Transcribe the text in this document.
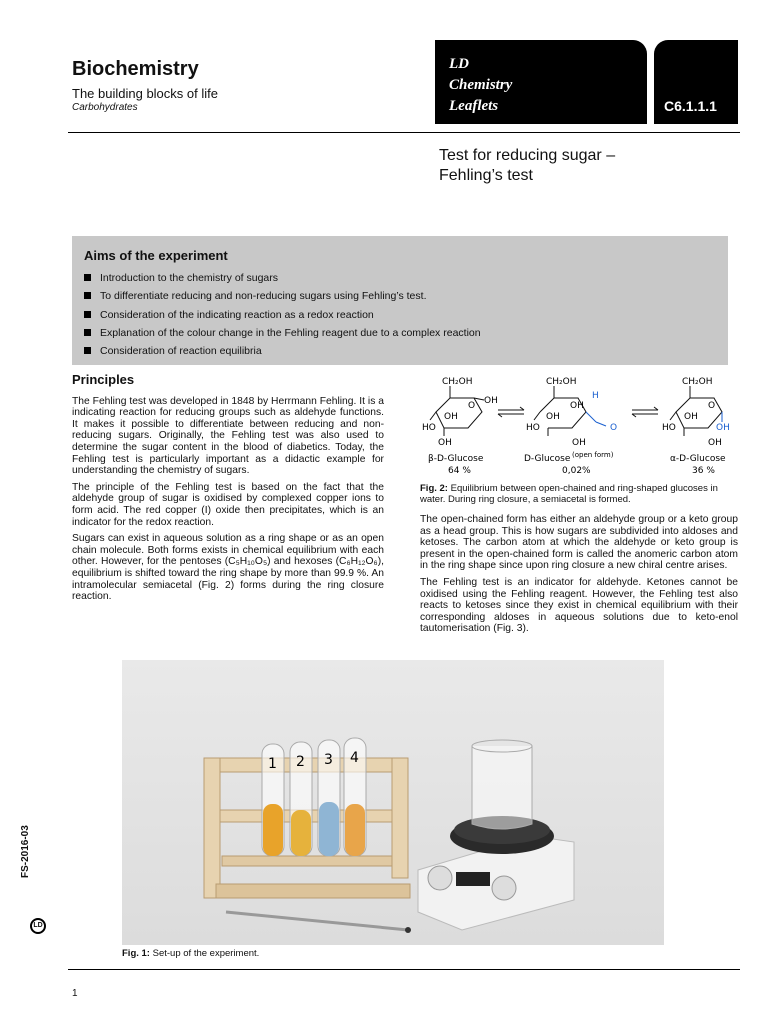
Biochemistry
The building blocks of life
Carbohydrates
LD
Chemistry
Leaflets	C6.1.1.1
Test for reducing sugar –
Fehling’s test
Aims of the experiment
Introduction to the chemistry of sugars
To differentiate reducing and non-reducing sugars using Fehling’s test.
Consideration of the indicating reaction as a redox reaction
Explanation of the colour change in the Fehling reagent due to a complex reaction
Consideration of reaction equilibria
Principles

The Fehling test was developed in 1848 by Herrmann Fehling. It is a indicating reaction for reducing groups such as aldehyde functions. It makes it possible to differentiate between reducing and non-reducing sugars. Originally, the Fehling test was also used to determine the sugar content in the blood of diabetics. Today, the Fehling test is particularly important as a didactic example for understanding the chemistry of sugars.

The principle of the Fehling test is based on the fact that the aldehyde group of sugar is oxidised by complexed copper ions to form acid. The red copper (I) oxide then precipitates, which is an indicator for the redox reaction.

Sugars can exist in aqueous solution as a ring shape or as an open chain molecule. Both forms exists in chemical equilibrium with each other. However, for the pentoses (C₅H₁₀O₅) and hexoses (C₆H₁₂O₆), equilibrium is shifted toward the ring shape by more than 99.9 %. An intramolecular semiacetal (Fig. 2) forms during the ring closure reaction.

CH₂OH
O OH
OH
HO
OH
β-D-Glucose
64 %
CH₂OH
OH
H
OH
HO	O
OH
D-Glucose (open form)
0,02%
CH₂OH
O
OH
HO	OH
OH
α-D-Glucose
36 %
Fig. 2: Equilibrium between open-chained and ring-shaped glucoses in water. During ring closure, a semiacetal is formed.

The open-chained form has either an aldehyde group or a keto group as a head group. This is how sugars are subdivided into aldoses and ketoses. The carbon atom at which the aldehyde or keto group is present in the open-chained form is called the anomeric carbon atom in the ring shape since upon ring closure a new chiral centre arises.

The Fehling test is an indicator for aldehyde. Ketones cannot be oxidised using the Fehling reagent. However, the Fehling test also reacts to ketoses since they exist in chemical equilibrium with their corresponding aldoses in aqueous solutions due to keto-enol tautomerisation (Fig. 3).

1 2 3 4
Fig. 1: Set-up of the experiment.
1
FS-2016-03
LD
